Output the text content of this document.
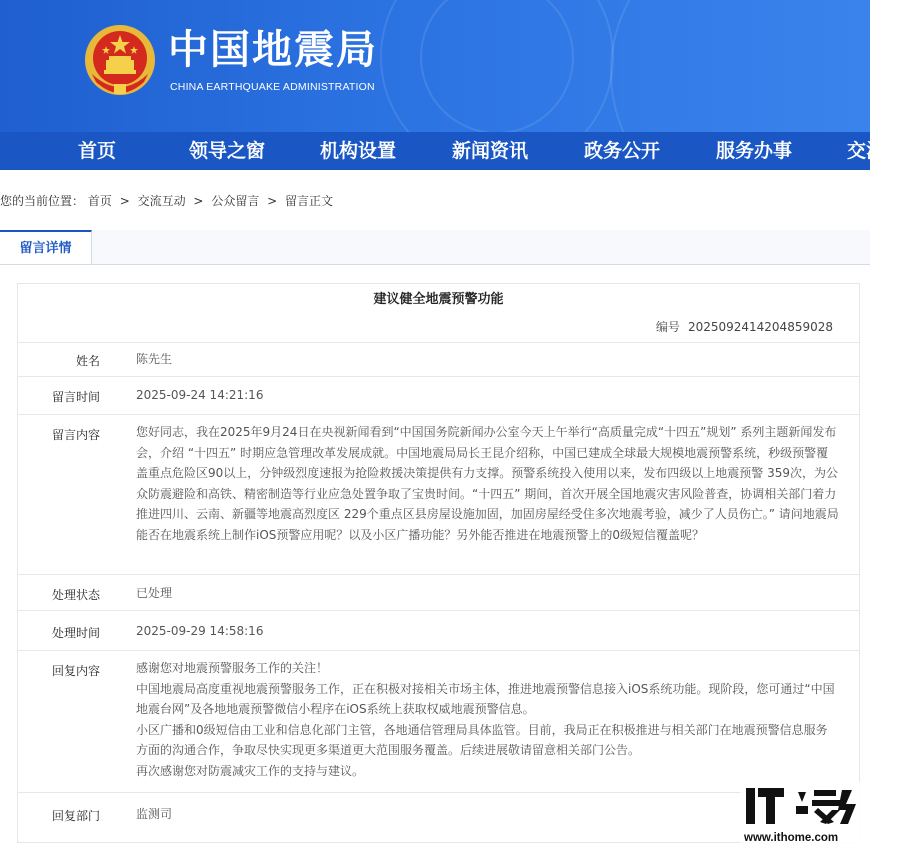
中国地震局
CHINA EARTHQUAKE ADMINISTRATION
首页	领导之窗	机构设置	新闻资讯	政务公开	服务办事	交流
您的当前位置： 首页 > 交流互动 > 公众留言 > 留言正文
留言详情
建议健全地震预警功能
编号 2025092414204859028
姓名	陈先生
留言时间	2025-09-24 14:21:16
留言内容	您好同志，我在2025年9月24日在央视新闻看到“中国国务院新闻办公室今天上午举行“高质量完成“十四五”规划” 系列主题新闻发布会，介绍 “十四五” 时期应急管理改革发展成就。中国地震局局长王昆介绍称，中国已建成全球最大规模地震预警系统，秒级预警覆盖重点危险区90以上，分钟级烈度速报为抢险救援决策提供有力支撑。预警系统投入使用以来，发布四级以上地震预警 359次，为公众防震避险和高铁、精密制造等行业应急处置争取了宝贵时间。“十四五” 期间，首次开展全国地震灾害风险普查，协调相关部门着力推进四川、云南、新疆等地震高烈度区 229个重点区县房屋设施加固，加固房屋经受住多次地震考验，减少了人员伤亡。” 请问地震局能否在地震系统上制作iOS预警应用呢？以及小区广播功能？另外能否推进在地震预警上的0级短信覆盖呢？
处理状态	已处理
处理时间	2025-09-29 14:58:16
回复内容	感谢您对地震预警服务工作的关注！
中国地震局高度重视地震预警服务工作，正在积极对接相关市场主体，推进地震预警信息接入iOS系统功能。现阶段，您可通过“中国地震台网”及各地地震预警微信小程序在iOS系统上获取权威地震预警信息。
小区广播和0级短信由工业和信息化部门主管，各地通信管理局具体监管。目前，我局正在积极推进与相关部门在地震预警信息服务方面的沟通合作，争取尽快实现更多渠道更大范围服务覆盖。后续进展敬请留意相关部门公告。
再次感谢您对防震减灾工作的支持与建议。
回复部门	监测司
www.ithome.com
